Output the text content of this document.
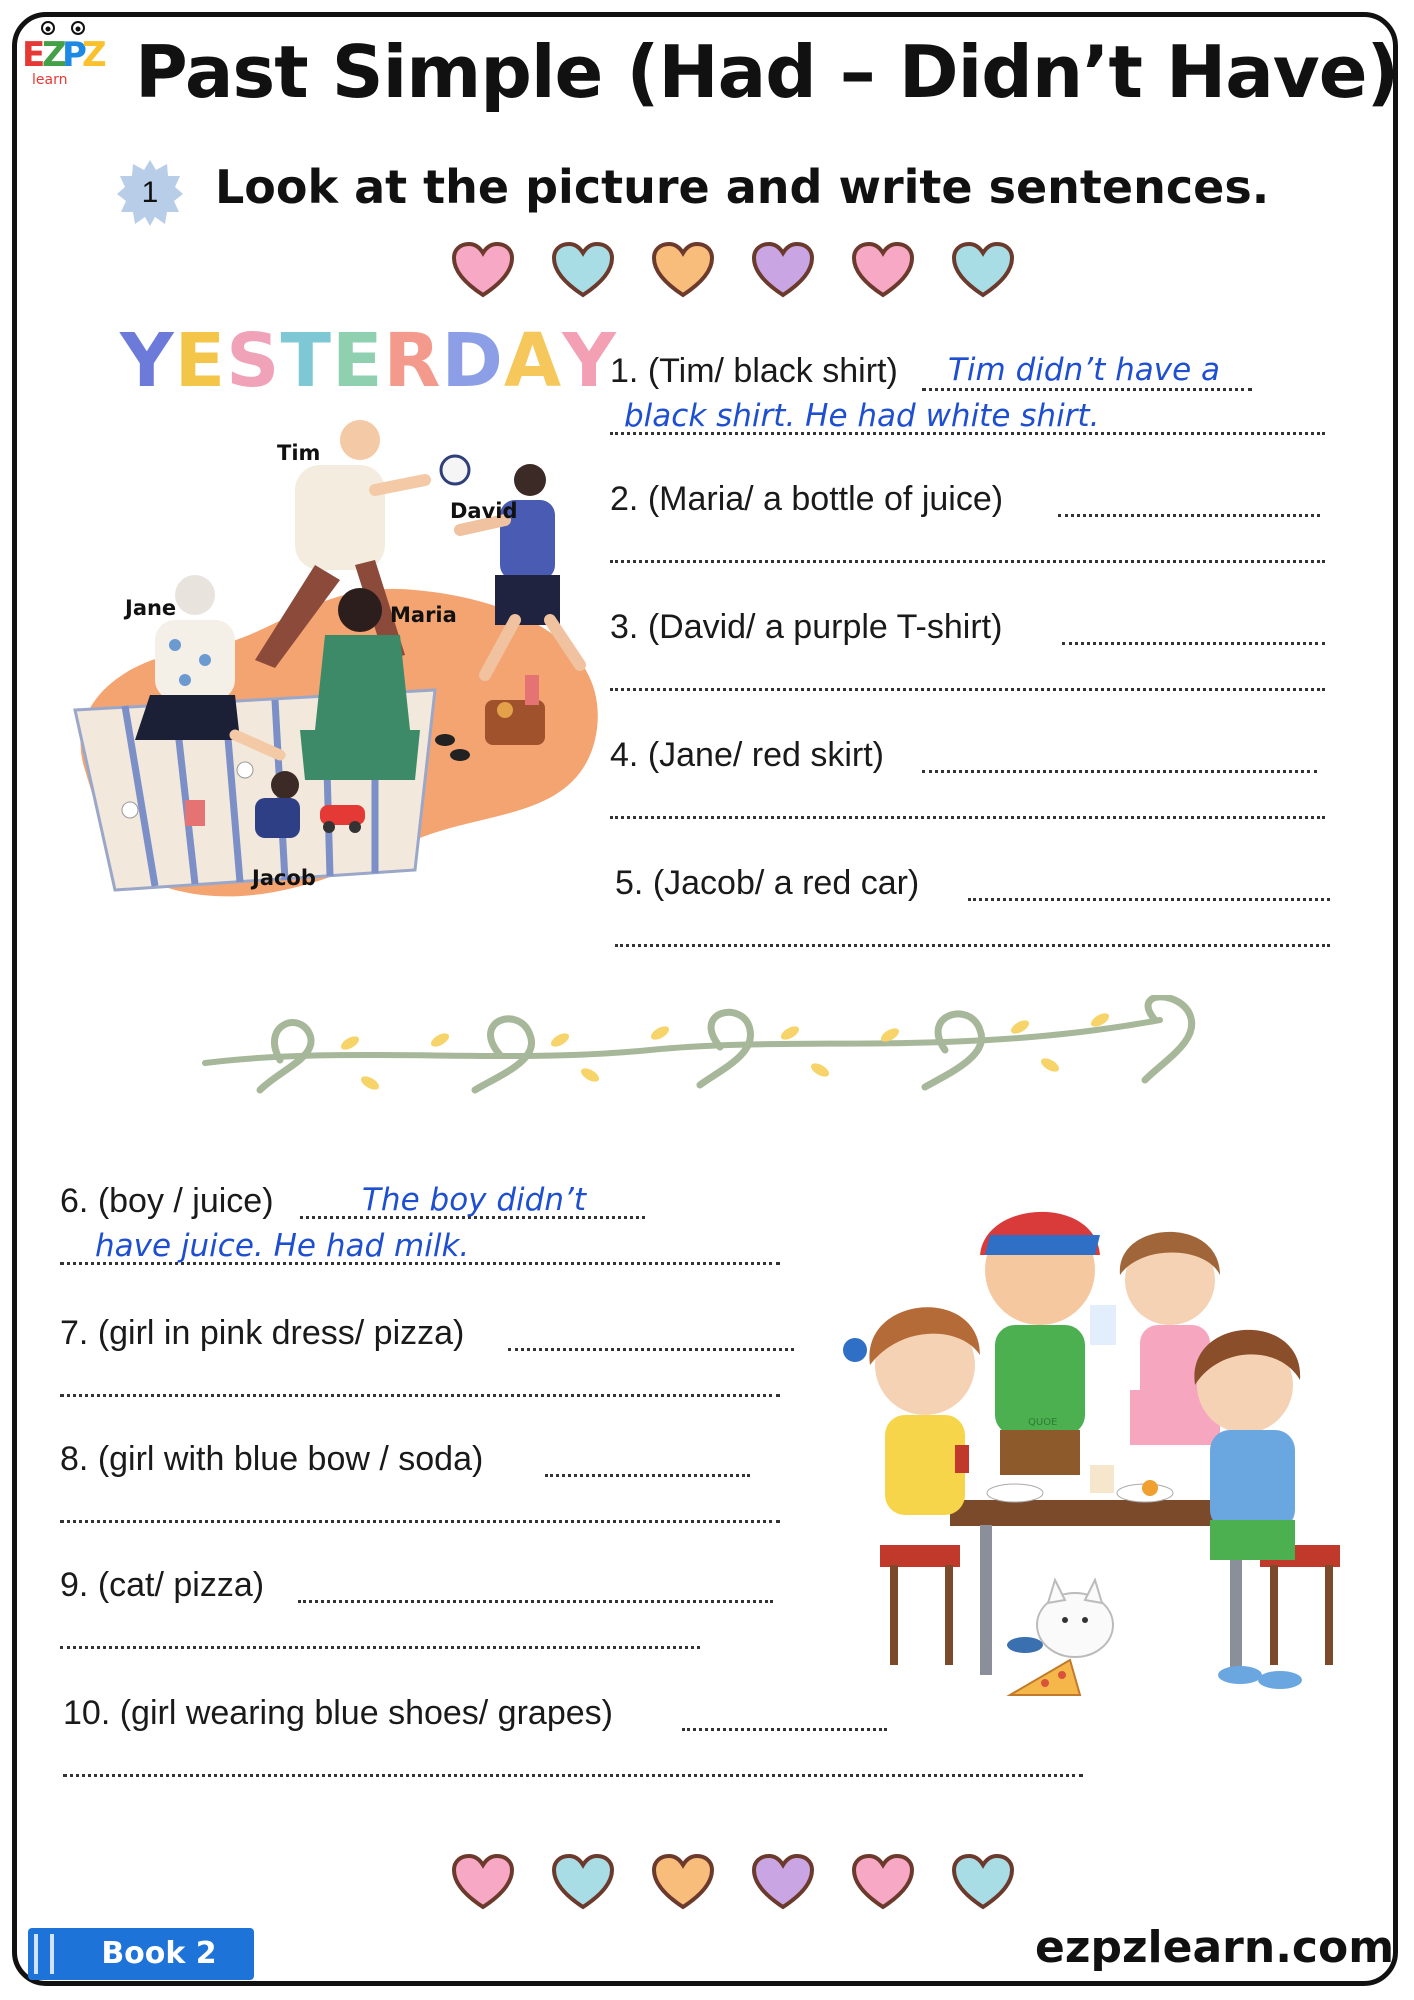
E
Z
P
Z
learn Past Simple (Had – Didn’t Have)
1	Look at the picture and write sentences.
YESTERDAY
Tim
David
Jane	Maria
Jacob
1. (Tim/ black shirt) Tim didn’t have a
black shirt. He had white shirt.
2. (Maria/ a bottle of juice)
3. (David/ a purple T-shirt)
4. (Jane/ red skirt)
5. (Jacob/ a red car)
6. (boy / juice)	The boy didn’t
have juice. He had milk.
7. (girl in pink dress/ pizza)
8. (girl with blue bow / soda)
9. (cat/ pizza)
10. (girl wearing blue shoes/ grapes)
QUOE
Book 2	ezpzlearn.com
